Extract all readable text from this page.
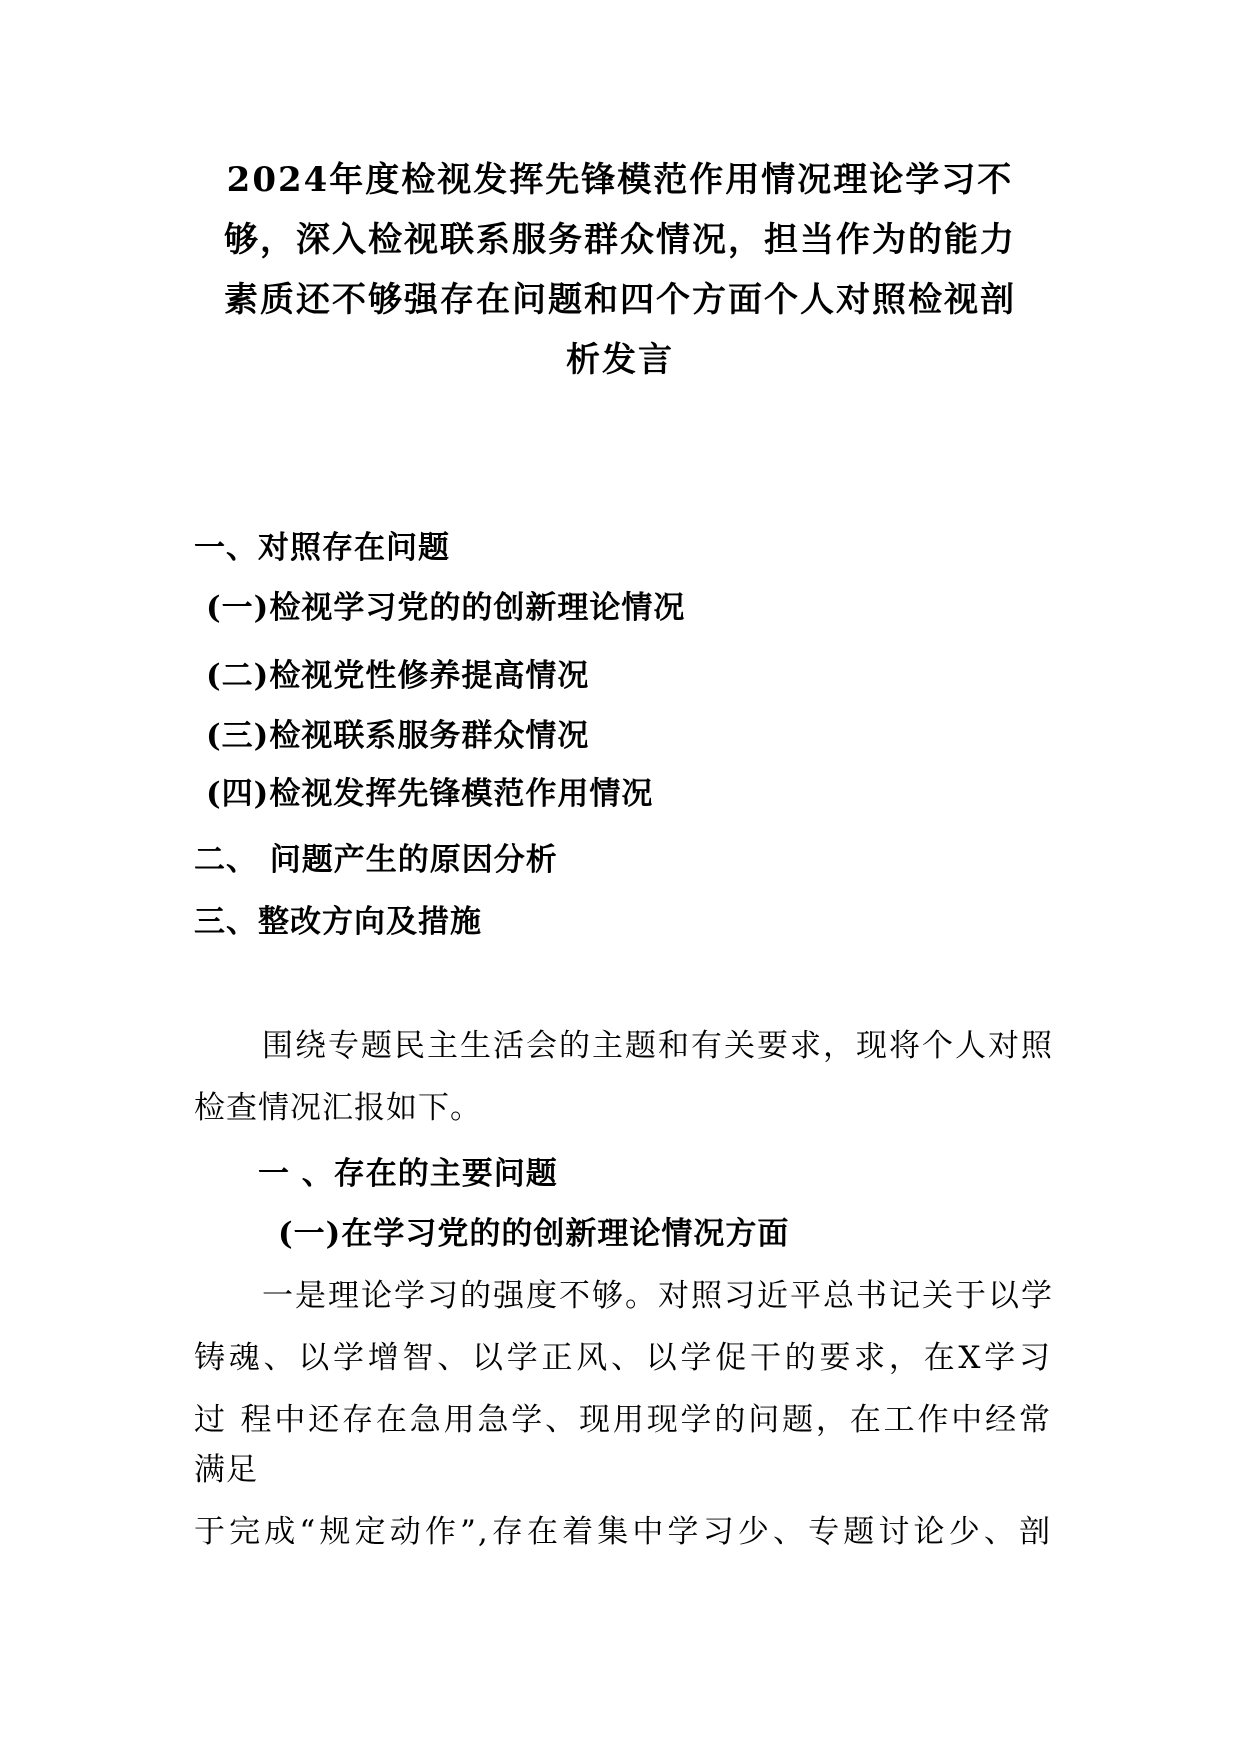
2024年度检视发挥先锋模范作用情况理论学习不
够，深入检视联系服务群众情况，担当作为的能力
素质还不够强存在问题和四个方面个人对照检视剖
析发言
一、对照存在问题
(一)检视学习党的的创新理论情况
(二)检视党性修养提高情况
(三)检视联系服务群众情况
(四)检视发挥先锋模范作用情况
二、 问题产生的原因分析
三、整改方向及措施
围绕专题民主生活会的主题和有关要求，现将个人对照
检查情况汇报如下。
一 、存在的主要问题
(一)在学习党的的创新理论情况方面
一是理论学习的强度不够。对照习近平总书记关于以学
铸魂、以学增智、以学正风、以学促干的要求，在X学习
过 程中还存在急用急学、现用现学的问题，在工作中经常
满足
于完成“规定动作”,存在着集中学习少、专题讨论少、剖
